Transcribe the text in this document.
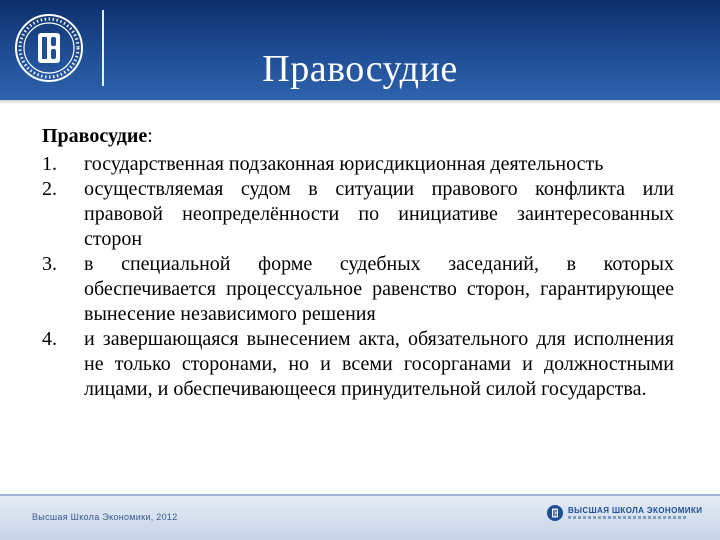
Правосудие

Правосудие:

1. государственная подзаконная юрисдикционная деятельность
2. осуществляемая судом в ситуации правового конфликта или правовой неопределённости по инициативе заинтересованных сторон
3. в специальной форме судебных заседаний, в которых обеспечивается процессуальное равенство сторон, гарантирующее вынесение независимого решения
4. и завершающаяся вынесением акта, обязательного для исполнения не только сторонами, но и всеми госорганами и должностными лицами, и обеспечивающееся принудительной силой государства.
Высшая Школа Экономики, 2012
ВЫСШАЯ ШКОЛА ЭКОНОМИКИ
